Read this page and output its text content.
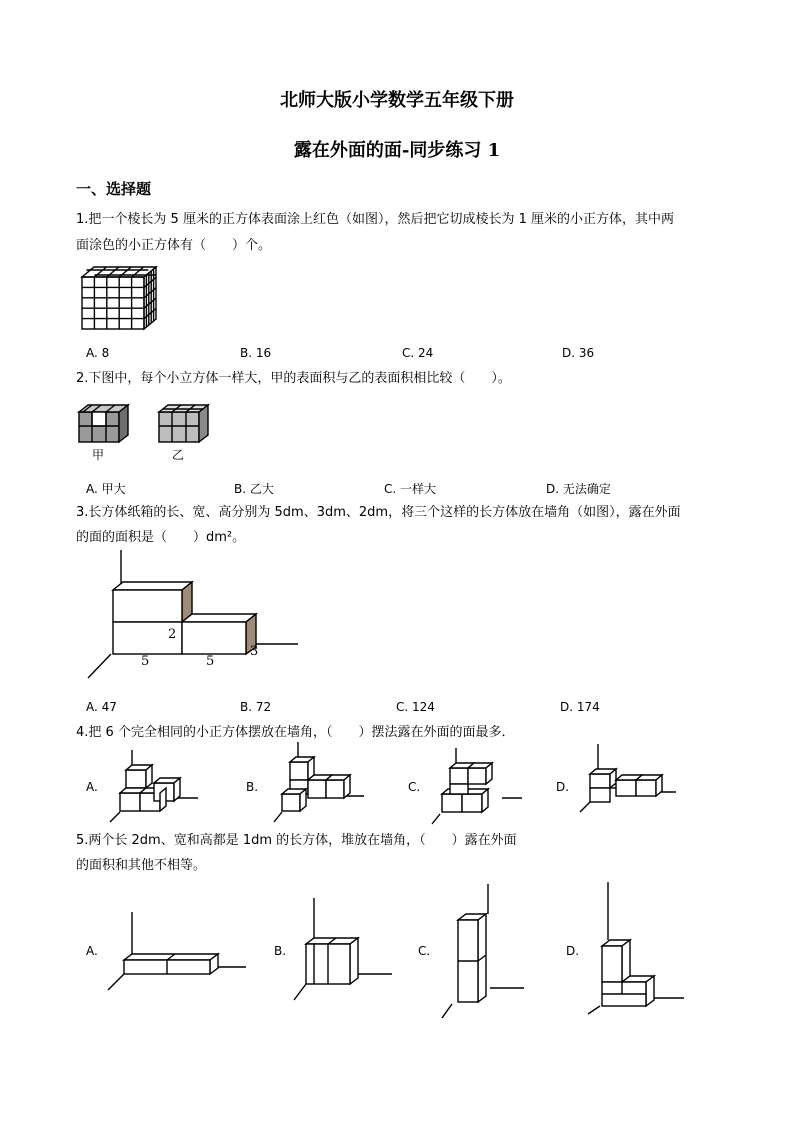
北师大版小学数学五年级下册
露在外面的面-同步练习 1
一、选择题
1.把一个棱长为 5 厘米的正方体表面涂上红色（如图），然后把它切成棱长为 1 厘米的小正方体，其中两
面涂色的小正方体有（　　）个。
A. 8	B. 16	C. 24	D. 36
2.下图中，每个小立方体一样大，甲的表面积与乙的表面积相比较（　　）。
甲	乙
A. 甲大	B. 乙大	C. 一样大	D. 无法确定
3.长方体纸箱的长、宽、高分别为 5dm、3dm、2dm，将三个这样的长方体放在墙角（如图），露在外面
的面的面积是（　　）dm²。
2
5	5
3
A. 47	B. 72	C. 124	D. 174
4.把 6 个完全相同的小正方体摆放在墙角，（　　）摆法露在外面的面最多．
A.	B.	C.	D.
5.两个长 2dm、宽和高都是 1dm 的长方体，堆放在墙角，（　　）露在外面
的面积和其他不相等。
A.	B.	C.	D.
